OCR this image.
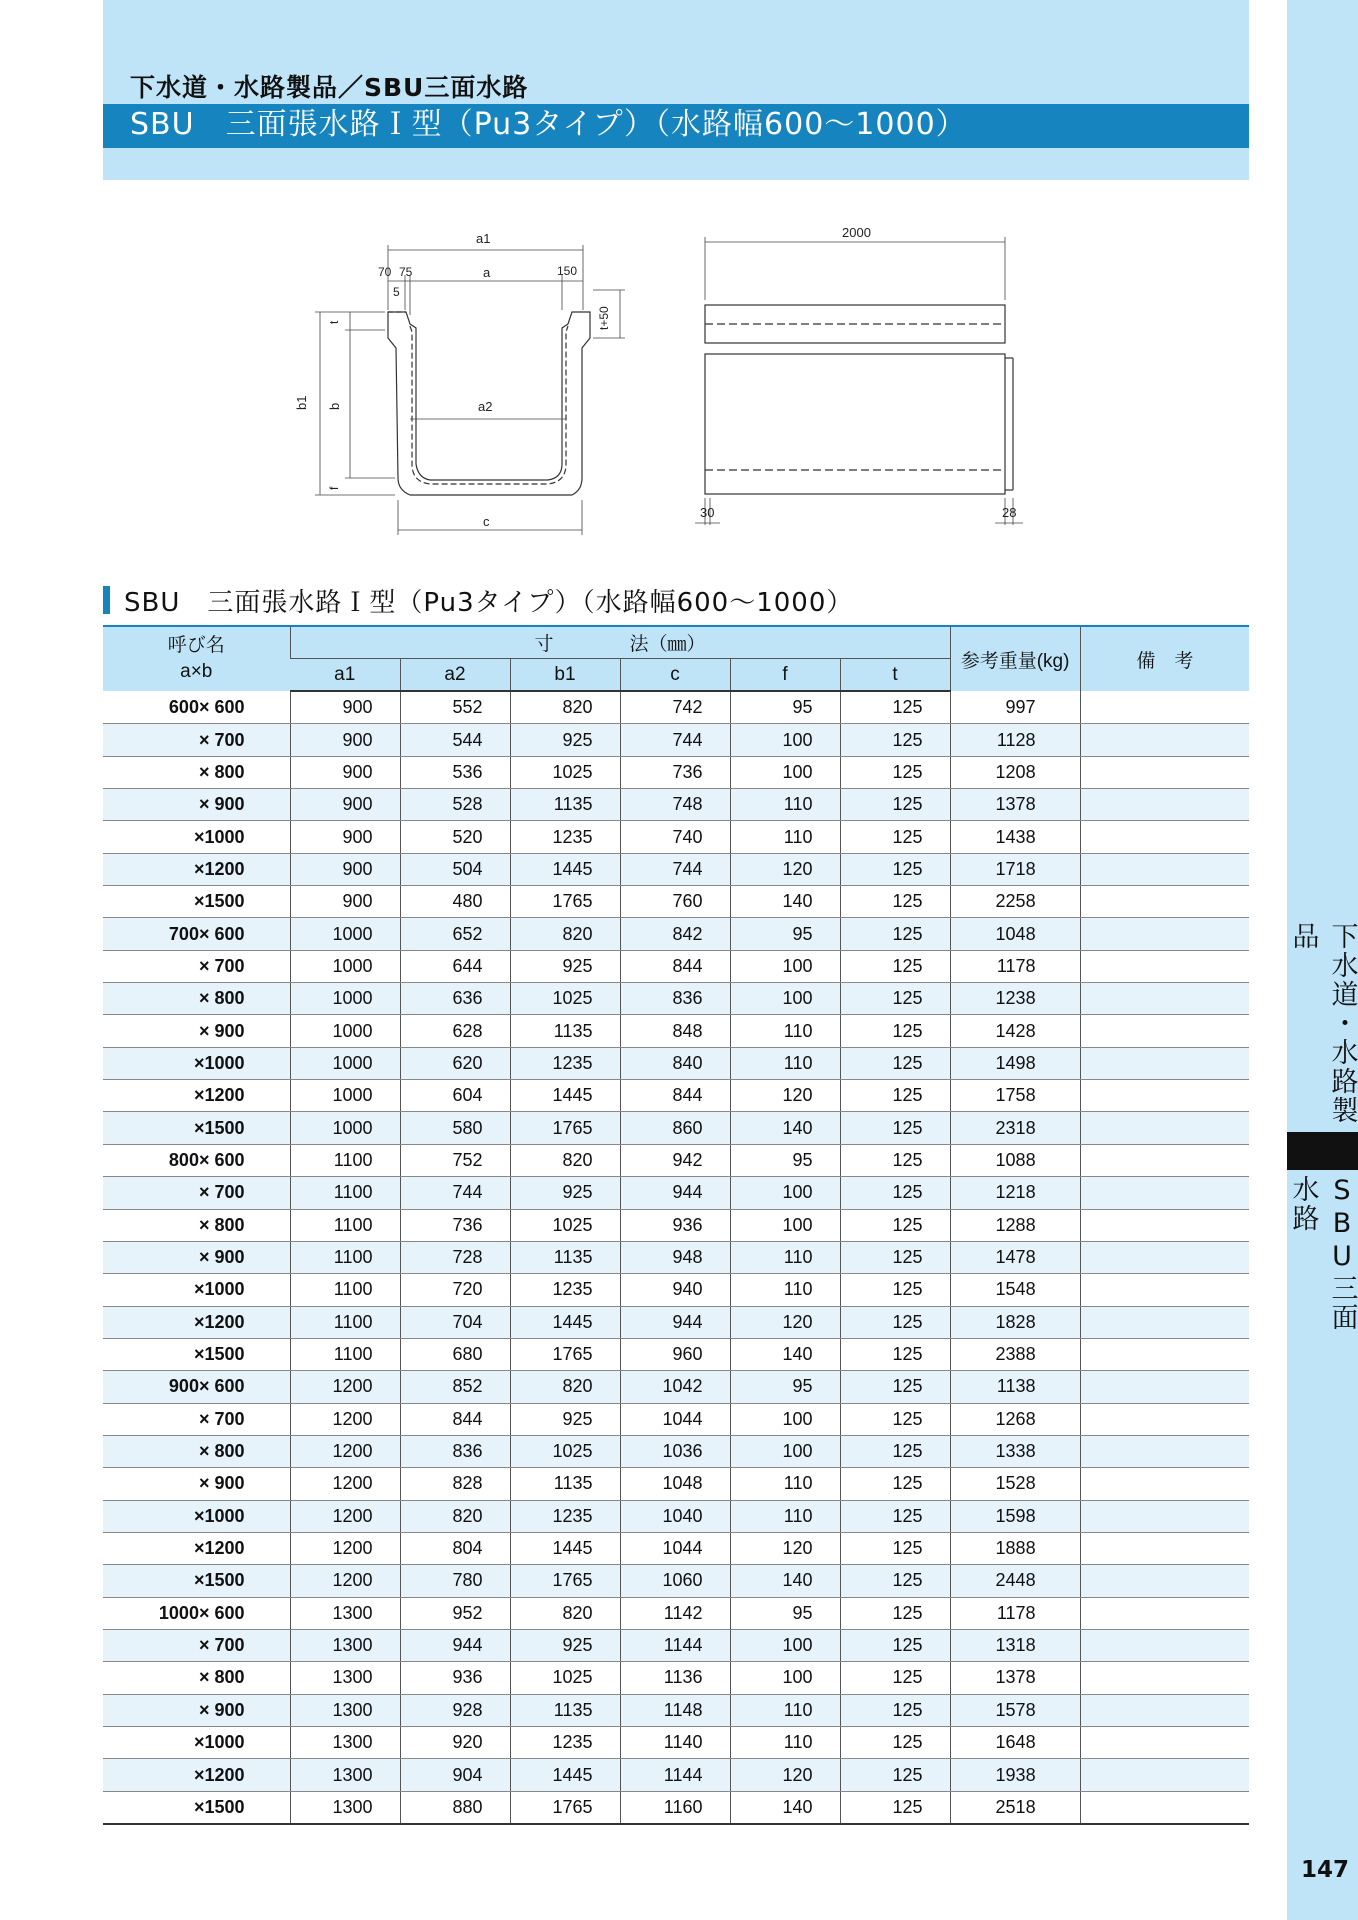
下水道・水路製品／SBU三面水路
SBU　三面張水路Ｉ型（Pu3タイプ）（水路幅600〜1000）
下水道・水路製品
SBU三面水路
147
a1
70 75
5
a	150
a2
c
b1 b
t
f
t+50
2000
30	28
SBU　三面張水路Ｉ型（Pu3タイプ）（水路幅600〜1000）
呼び名
a×b	寸　　　　法（㎜）						参考重量(kg)	備　考
	a1	a2	b1	c	f	t		
600× 600	900	552	820	742	95	125	997	
× 700	900	544	925	744	100	125	1128	
× 800	900	536	1025	736	100	125	1208	
× 900	900	528	1135	748	110	125	1378	
×1000	900	520	1235	740	110	125	1438	
×1200	900	504	1445	744	120	125	1718	
×1500	900	480	1765	760	140	125	2258	
700× 600	1000	652	820	842	95	125	1048	
× 700	1000	644	925	844	100	125	1178	
× 800	1000	636	1025	836	100	125	1238	
× 900	1000	628	1135	848	110	125	1428	
×1000	1000	620	1235	840	110	125	1498	
×1200	1000	604	1445	844	120	125	1758	
×1500	1000	580	1765	860	140	125	2318	
800× 600	1100	752	820	942	95	125	1088	
× 700	1100	744	925	944	100	125	1218	
× 800	1100	736	1025	936	100	125	1288	
× 900	1100	728	1135	948	110	125	1478	
×1000	1100	720	1235	940	110	125	1548	
×1200	1100	704	1445	944	120	125	1828	
×1500	1100	680	1765	960	140	125	2388	
900× 600	1200	852	820	1042	95	125	1138	
× 700	1200	844	925	1044	100	125	1268	
× 800	1200	836	1025	1036	100	125	1338	
× 900	1200	828	1135	1048	110	125	1528	
×1000	1200	820	1235	1040	110	125	1598	
×1200	1200	804	1445	1044	120	125	1888	
×1500	1200	780	1765	1060	140	125	2448	
1000× 600	1300	952	820	1142	95	125	1178	
× 700	1300	944	925	1144	100	125	1318	
× 800	1300	936	1025	1136	100	125	1378	
× 900	1300	928	1135	1148	110	125	1578	
×1000	1300	920	1235	1140	110	125	1648	
×1200	1300	904	1445	1144	120	125	1938	
×1500	1300	880	1765	1160	140	125	2518	
